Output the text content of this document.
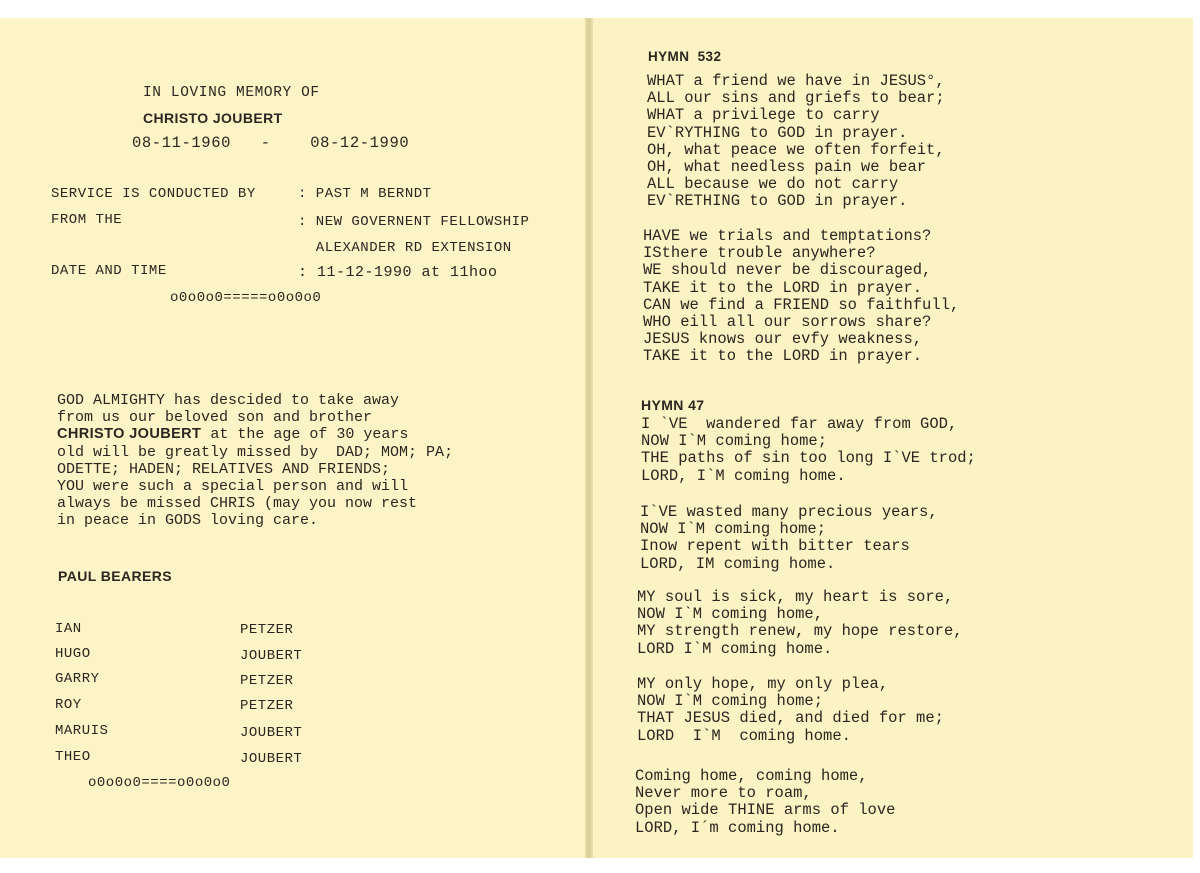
IN LOVING MEMORY OF
CHRISTO JOUBERT
08-11-1960   -    08-12-1990
SERVICE IS CONDUCTED BY	: PAST M BERNDT
FROM THE	: NEW GOVERNENT FELLOWSHIP
ALEXANDER RD EXTENSION
DATE AND TIME	: 11-12-1990 at 11hoo
o0o0o0=====o0o0o0
GOD ALMIGHTY has descided to take away
from us our beloved son and brother
CHRISTO JOUBERT at the age of 30 years
old will be greatly missed by  DAD; MOM; PA;
ODETTE; HADEN; RELATIVES AND FRIENDS;
YOU were such a special person and will
always be missed CHRIS (may you now rest
in peace in GODS loving care.
PAUL BEARERS
IAN	PETZER
HUGO	JOUBERT
GARRY	PETZER
ROY	PETZER
MARUIS	JOUBERT
THEO	JOUBERT
o0o0o0====o0o0o0
HYMN  532
WHAT a friend we have in JESUS°,
ALL our sins and griefs to bear;
WHAT a privilege to carry
EV`RYTHING to GOD in prayer.
OH, what peace we often forfeit,
OH, what needless pain we bear
ALL because we do not carry
EV`RETHING to GOD in prayer.
HAVE we trials and temptations?
ISthere trouble anywhere?
WE should never be discouraged,
TAKE it to the LORD in prayer.
CAN we find a FRIEND so faithfull,
WHO eill all our sorrows share?
JESUS knows our evfy weakness,
TAKE it to the LORD in prayer.
HYMN 47
I `VE  wandered far away from GOD,
NOW I`M coming home;
THE paths of sin too long I`VE trod;
LORD, I`M coming home.
I`VE wasted many precious years,
NOW I`M coming home;
Inow repent with bitter tears
LORD, IM coming home.
MY soul is sick, my heart is sore,
NOW I`M coming home,
MY strength renew, my hope restore,
LORD I`M coming home.
MY only hope, my only plea,
NOW I`M coming home;
THAT JESUS died, and died for me;
LORD  I`M  coming home.
Coming home, coming home,
Never more to roam,
Open wide THINE arms of love
LORD, I´m coming home.
